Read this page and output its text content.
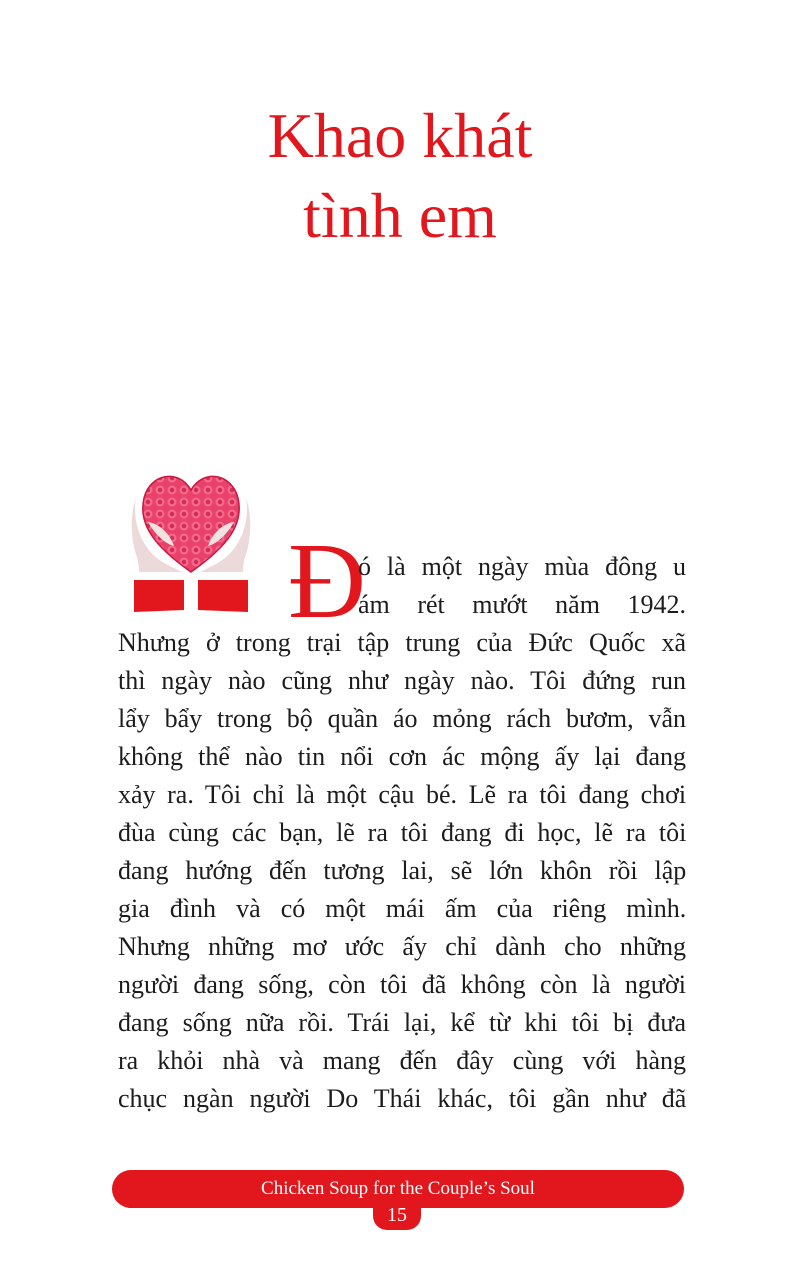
Khao khát
tình em
Đ
ó là một ngày mùa đông u
ám rét mướt năm 1942.
Nhưng ở trong trại tập trung của Đức Quốc xã
thì ngày nào cũng như ngày nào. Tôi đứng run
lẩy bẩy trong bộ quần áo mỏng rách bươm, vẫn
không thể nào tin nổi cơn ác mộng ấy lại đang
xảy ra. Tôi chỉ là một cậu bé. Lẽ ra tôi đang chơi
đùa cùng các bạn, lẽ ra tôi đang đi học, lẽ ra tôi
đang hướng đến tương lai, sẽ lớn khôn rồi lập
gia đình và có một mái ấm của riêng mình.
Nhưng những mơ ước ấy chỉ dành cho những
người đang sống, còn tôi đã không còn là người
đang sống nữa rồi. Trái lại, kể từ khi tôi bị đưa
ra khỏi nhà và mang đến đây cùng với hàng
chục ngàn người Do Thái khác, tôi gần như đã
Chicken Soup for the Couple’s Soul
15
